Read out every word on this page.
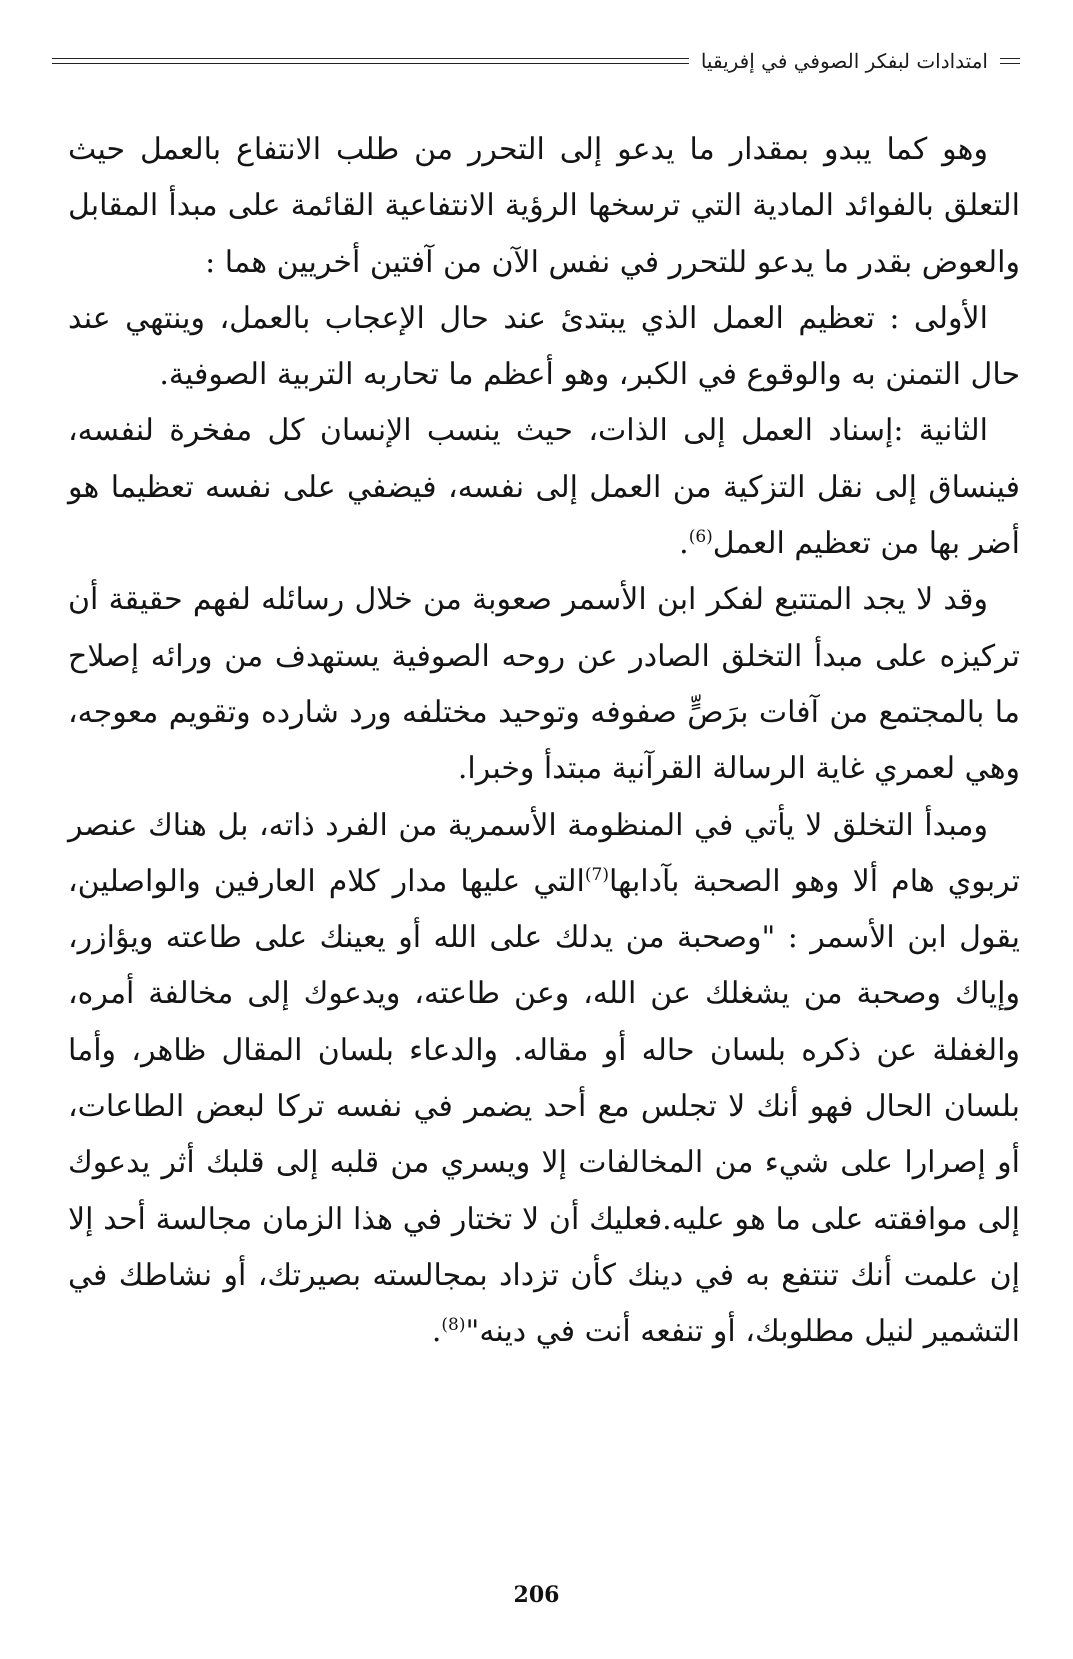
امتدادات لبفكر الصوفي في إفريقيا

وهو كما يبدو بمقدار ما يدعو إلى التحرر من طلب الانتفاع بالعمل حيث التعلق بالفوائد المادية التي ترسخها الرؤية الانتفاعية القائمة على مبدأ المقابل والعوض بقدر ما يدعو للتحرر في نفس الآن من آفتين أخريين هما :

الأولى : تعظيم العمل الذي يبتدئ عند حال الإعجاب بالعمل، وينتهي عند حال التمنن به والوقوع في الكبر، وهو أعظم ما تحاربه التربية الصوفية.

الثانية :إسناد العمل إلى الذات، حيث ينسب الإنسان كل مفخرة لنفسه، فينساق إلى نقل التزكية من العمل إلى نفسه، فيضفي على نفسه تعظيما هو أضر بها من تعظيم العمل$^{(6)}$.

وقد لا يجد المتتبع لفكر ابن الأسمر صعوبة من خلال رسائله لفهم حقيقة أن تركيزه على مبدأ التخلق الصادر عن روحه الصوفية يستهدف من ورائه إصلاح ما بالمجتمع من آفات برَصٍّ صفوفه وتوحيد مختلفه ورد شارده وتقويم معوجه، وهي لعمري غاية الرسالة القرآنية مبتدأ وخبرا.

ومبدأ التخلق لا يأتي في المنظومة الأسمرية من الفرد ذاته، بل هناك عنصر تربوي هام ألا وهو الصحبة بآدابها$^{(7)}$التي عليها مدار كلام العارفين والواصلين، يقول ابن الأسمر : "وصحبة من يدلك على الله أو يعينك على طاعته ويؤازر، وإياك وصحبة من يشغلك عن الله، وعن طاعته، ويدعوك إلى مخالفة أمره، والغفلة عن ذكره بلسان حاله أو مقاله. والدعاء بلسان المقال ظاهر، وأما بلسان الحال فهو أنك لا تجلس مع أحد يضمر في نفسه تركا لبعض الطاعات، أو إصرارا على شيء من المخالفات إلا ويسري من قلبه إلى قلبك أثر يدعوك إلى موافقته على ما هو عليه.فعليك أن لا تختار في هذا الزمان مجالسة أحد إلا إن علمت أنك تنتفع به في دينك كأن تزداد بمجالسته بصيرتك، أو نشاطك في التشمير لنيل مطلوبك، أو تنفعه أنت في دينه"$^{(8)}$.

206
